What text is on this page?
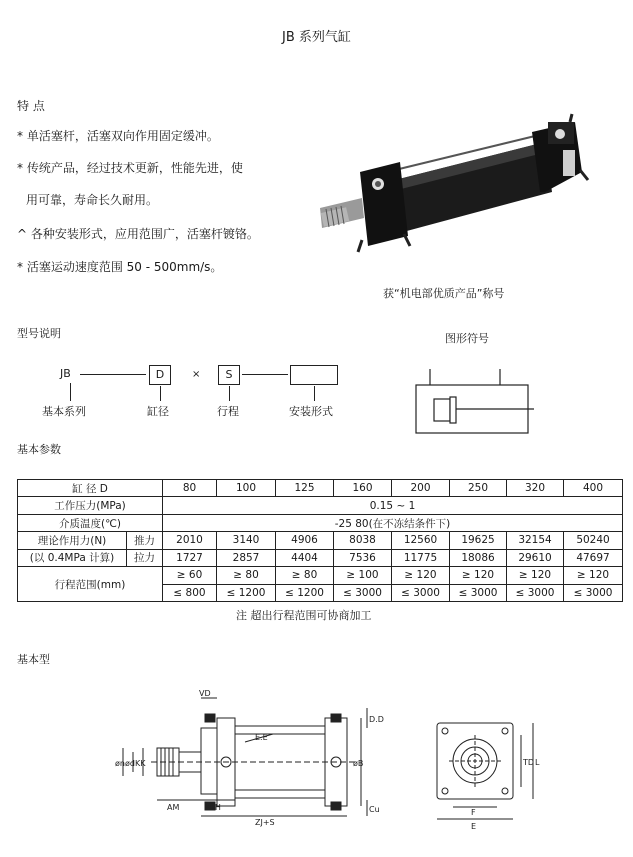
JB 系列气缸
特 点
* 单活塞杆，活塞双向作用固定缓冲。
* 传统产品，经过技术更新，性能先进，使
用可靠，寿命长久耐用。
^ 各种安装形式，应用范围广，活塞杆镀铬。
* 活塞运动速度范围 50 - 500mm/s。
获“机电部优质产品”称号
型号说明
JB	D	×	S
基本系列	缸径	行程	安装形式
图形符号
基本参数
缸 径 D		80	100	125	160	200	250	320	400
工作压力(MPa)		0.15 ~ 1							
介质温度(℃)		-25 80(在不冻结条件下)							
理论作用力(N)	推力	2010	3140	4906	8038	12560	19625	32154	50240
(以 0.4MPa 计算)	拉力	1727	2857	4404	7536	11775	18086	29610	47697
行程范围(mm)		≥ 60	≥ 80	≥ 80	≥ 100	≥ 120	≥ 120	≥ 120	≥ 120
		≤ 800	≤ 1200	≤ 1200	≤ 3000	≤ 3000	≤ 3000	≤ 3000	≤ 3000
注 超出行程范围可协商加工
基本型
VD
D.D
øn ød KK
E.E
øB
AM	WH
ZJ+S
Cu
TD L
F
E
